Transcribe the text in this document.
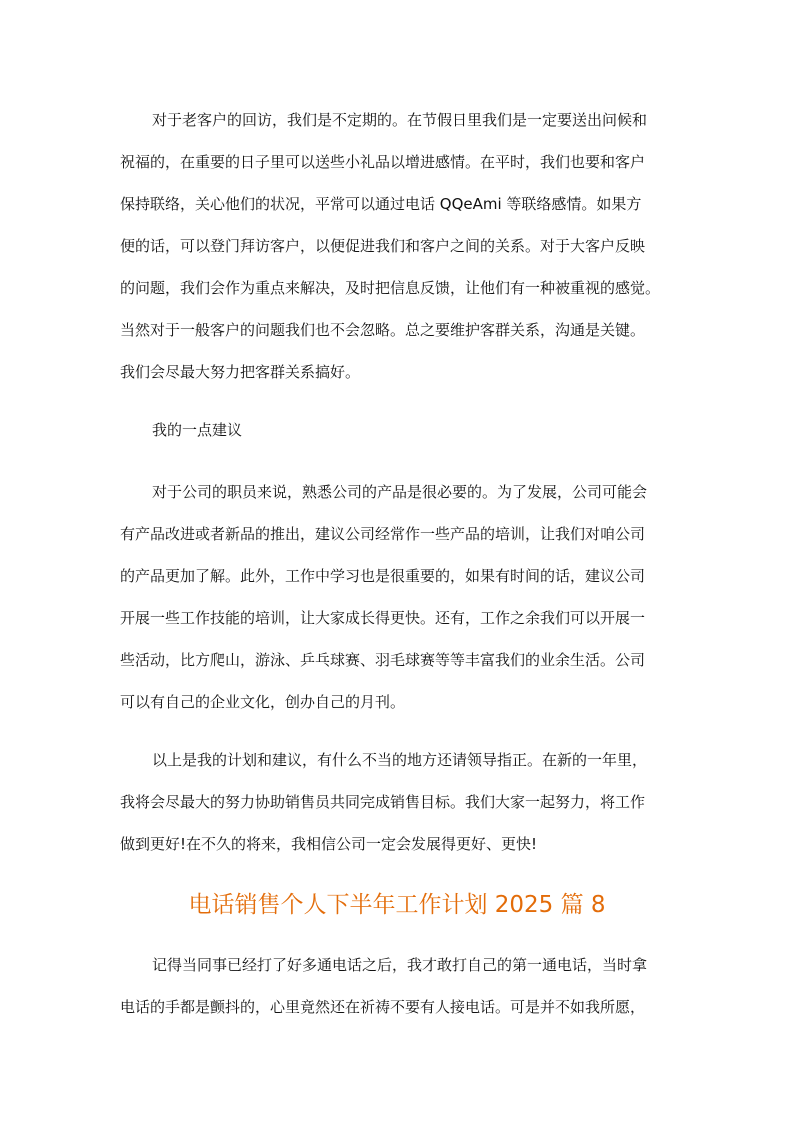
对于老客户的回访，我们是不定期的。在节假日里我们是一定要送出问候和
祝福的，在重要的日子里可以送些小礼品以增进感情。在平时，我们也要和客户
保持联络，关心他们的状况，平常可以通过电话 QQeAmi 等联络感情。如果方
便的话，可以登门拜访客户，以便促进我们和客户之间的关系。对于大客户反映
的问题，我们会作为重点来解决，及时把信息反馈，让他们有一种被重视的感觉。
当然对于一般客户的问题我们也不会忽略。总之要维护客群关系，沟通是关键。
我们会尽最大努力把客群关系搞好。
我的一点建议
对于公司的职员来说，熟悉公司的产品是很必要的。为了发展，公司可能会
有产品改进或者新品的推出，建议公司经常作一些产品的培训，让我们对咱公司
的产品更加了解。此外，工作中学习也是很重要的，如果有时间的话，建议公司
开展一些工作技能的培训，让大家成长得更快。还有，工作之余我们可以开展一
些活动，比方爬山，游泳、乒乓球赛、羽毛球赛等等丰富我们的业余生活。公司
可以有自己的企业文化，创办自己的月刊。
以上是我的计划和建议，有什么不当的地方还请领导指正。在新的一年里，
我将会尽最大的努力协助销售员共同完成销售目标。我们大家一起努力，将工作
做到更好!在不久的将来，我相信公司一定会发展得更好、更快!
电话销售个人下半年工作计划 2025 篇 8
记得当同事已经打了好多通电话之后，我才敢打自己的第一通电话，当时拿
电话的手都是颤抖的，心里竟然还在祈祷不要有人接电话。可是并不如我所愿，
